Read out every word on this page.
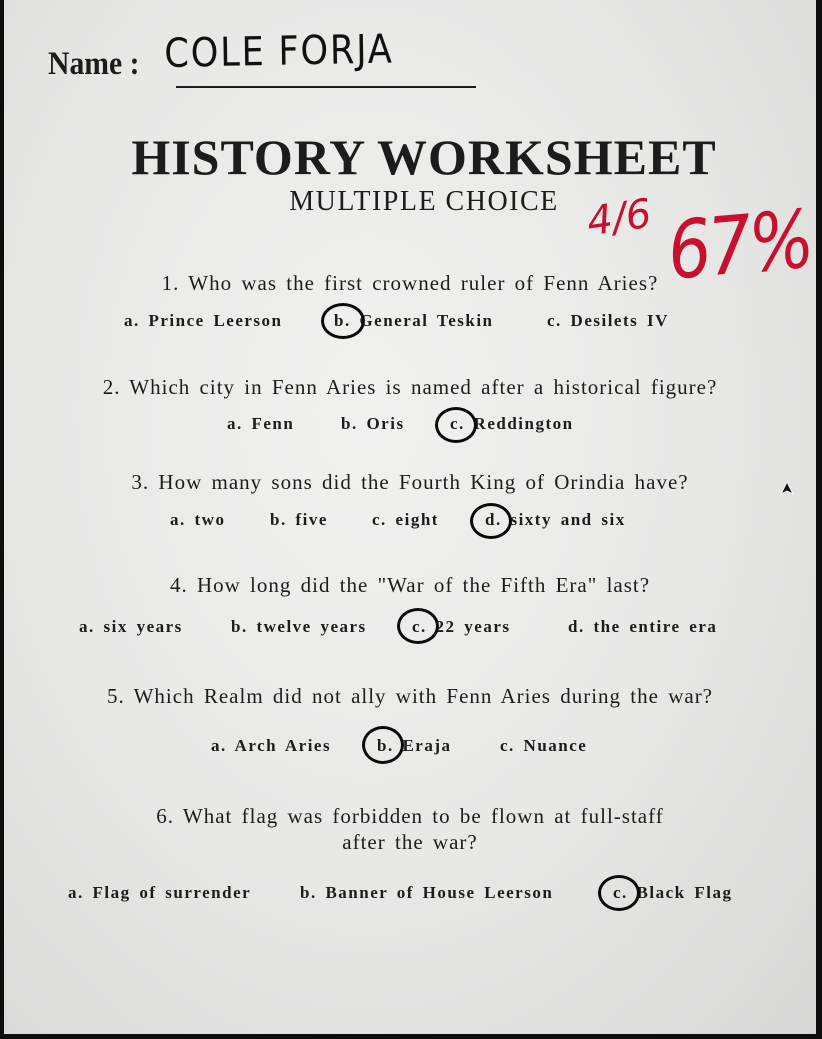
Name : COLE FORJA
HISTORY WORKSHEET
MULTIPLE CHOICE 4/6 67%
1. Who was the first crowned ruler of Fenn Aries?
a. Prince Leerson	b. General Teskin	c. Desilets IV
2. Which city in Fenn Aries is named after a historical figure?
a. Fenn	b. Oris	c. Reddington
3. How many sons did the Fourth King of Orindia have?
a. two	b. five	c. eight	d. sixty and six
4. How long did the "War of the Fifth Era" last?
a. six years	b. twelve years	c. 22 years	d. the entire era
5. Which Realm did not ally with Fenn Aries during the war?
a. Arch Aries	b. Eraja	c. Nuance
6. What flag was forbidden to be flown at full-staff
after the war?
a. Flag of surrender	b. Banner of House Leerson	c. Black Flag
